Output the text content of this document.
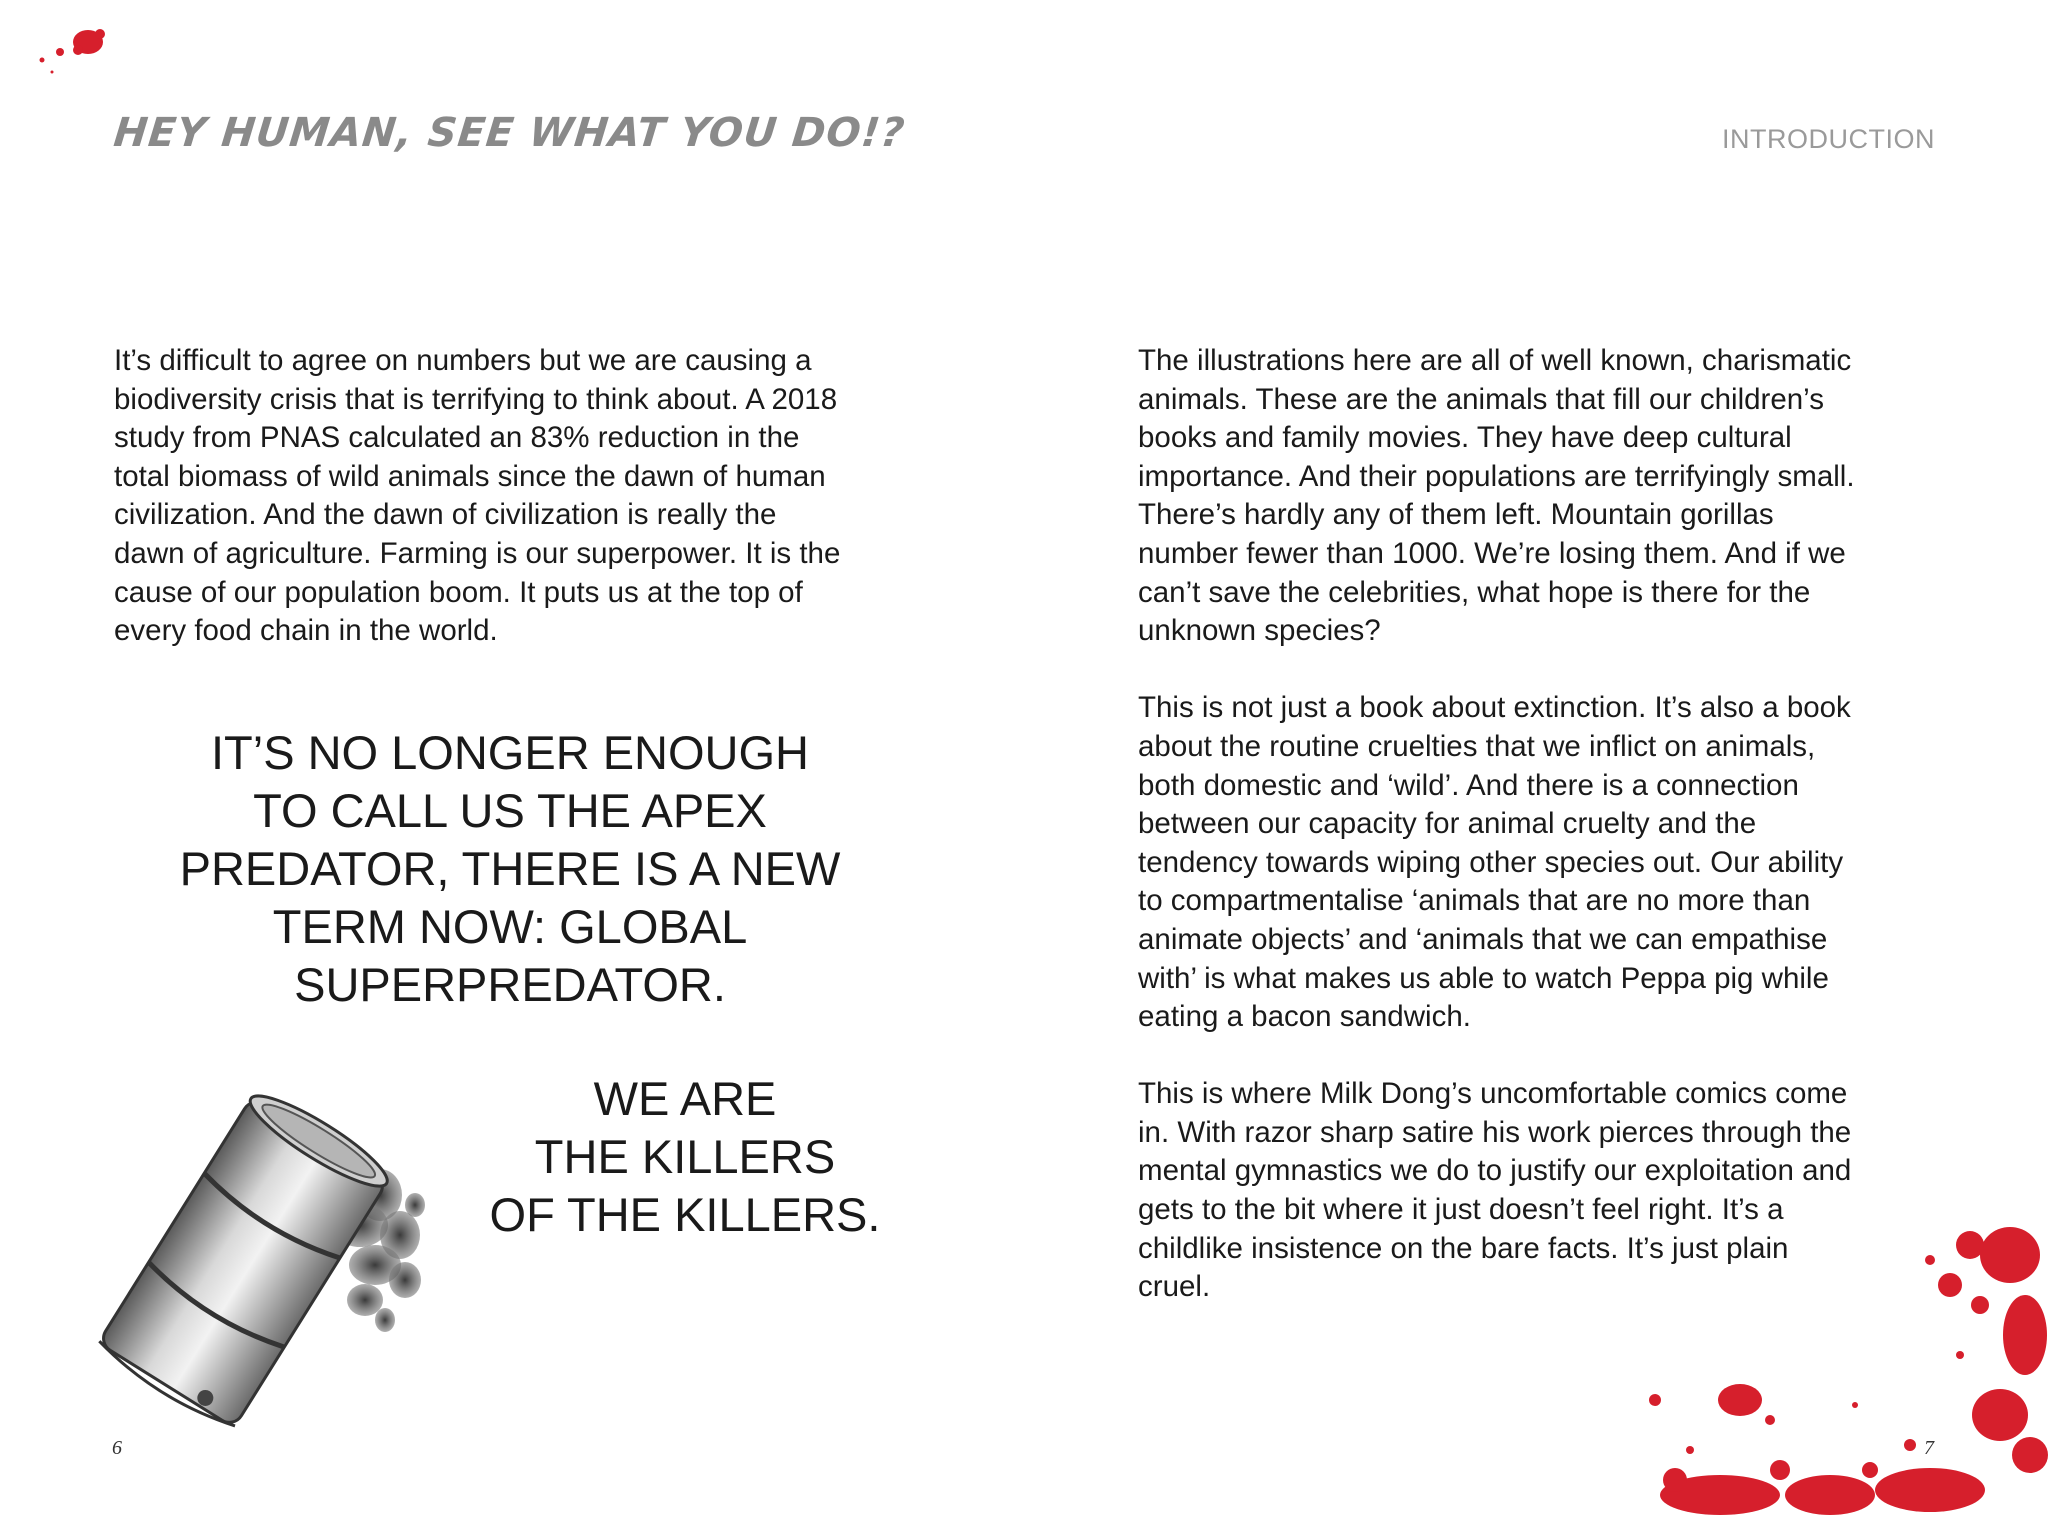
HEY HUMAN, SEE WHAT YOU DO!?	INTRODUCTION

It’s difficult to agree on numbers but we are causing a
biodiversity crisis that is terrifying to think about. A 2018
study from PNAS calculated an 83% reduction in the
total biomass of wild animals since the dawn of human
civilization. And the dawn of civilization is really the
dawn of agriculture. Farming is our superpower. It is the
cause of our population boom. It puts us at the top of
every food chain in the world.

IT’S NO LONGER ENOUGH
TO CALL US THE APEX
PREDATOR, THERE IS A NEW
TERM NOW: GLOBAL
SUPERPREDATOR.
WE ARE
THE KILLERS
OF THE KILLERS.

The illustrations here are all of well known, charismatic
animals. These are the animals that fill our children’s
books and family movies. They have deep cultural
importance. And their populations are terrifyingly small.
There’s hardly any of them left. Mountain gorillas
number fewer than 1000. We’re losing them. And if we
can’t save the celebrities, what hope is there for the
unknown species?

This is not just a book about extinction. It’s also a book
about the routine cruelties that we inflict on animals,
both domestic and ‘wild’. And there is a connection
between our capacity for animal cruelty and the
tendency towards wiping other species out. Our ability
to compartmentalise ‘animals that are no more than
animate objects’ and ‘animals that we can empathise
with’ is what makes us able to watch Peppa pig while
eating a bacon sandwich.

This is where Milk Dong’s uncomfortable comics come
in. With razor sharp satire his work pierces through the
mental gymnastics we do to justify our exploitation and
gets to the bit where it just doesn’t feel right. It’s a
childlike insistence on the bare facts. It’s just plain
cruel.

6	7
